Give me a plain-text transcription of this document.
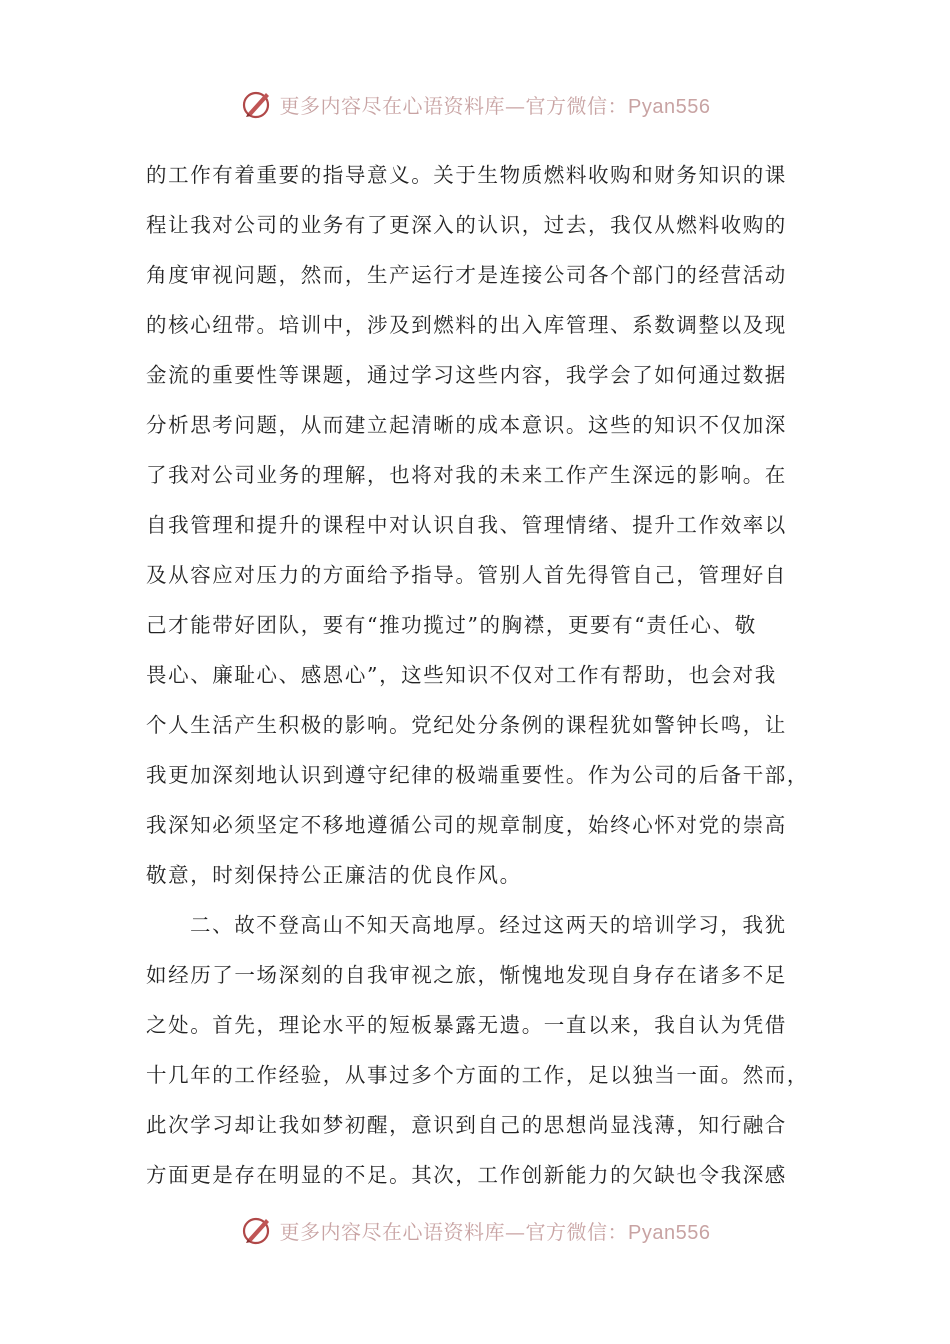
更多内容尽在心语资料库—官方微信：Pyan556
的工作有着重要的指导意义。关于生物质燃料收购和财务知识的课
程让我对公司的业务有了更深入的认识，过去，我仅从燃料收购的
角度审视问题，然而，生产运行才是连接公司各个部门的经营活动
的核心纽带。培训中，涉及到燃料的出入库管理、系数调整以及现
金流的重要性等课题，通过学习这些内容，我学会了如何通过数据
分析思考问题，从而建立起清晰的成本意识。这些的知识不仅加深
了我对公司业务的理解，也将对我的未来工作产生深远的影响。在
自我管理和提升的课程中对认识自我、管理情绪、提升工作效率以
及从容应对压力的方面给予指导。管别人首先得管自己，管理好自
己才能带好团队，要有“推功揽过”的胸襟，更要有“责任心、敬
畏心、廉耻心、感恩心”，这些知识不仅对工作有帮助，也会对我
个人生活产生积极的影响。党纪处分条例的课程犹如警钟长鸣，让
我更加深刻地认识到遵守纪律的极端重要性。作为公司的后备干部，
我深知必须坚定不移地遵循公司的规章制度，始终心怀对党的崇高
敬意，时刻保持公正廉洁的优良作风。
二、故不登高山不知天高地厚。经过这两天的培训学习，我犹
如经历了一场深刻的自我审视之旅，惭愧地发现自身存在诸多不足
之处。首先，理论水平的短板暴露无遗。一直以来，我自认为凭借
十几年的工作经验，从事过多个方面的工作，足以独当一面。然而，
此次学习却让我如梦初醒，意识到自己的思想尚显浅薄，知行融合
方面更是存在明显的不足。其次，工作创新能力的欠缺也令我深感
更多内容尽在心语资料库—官方微信：Pyan556
